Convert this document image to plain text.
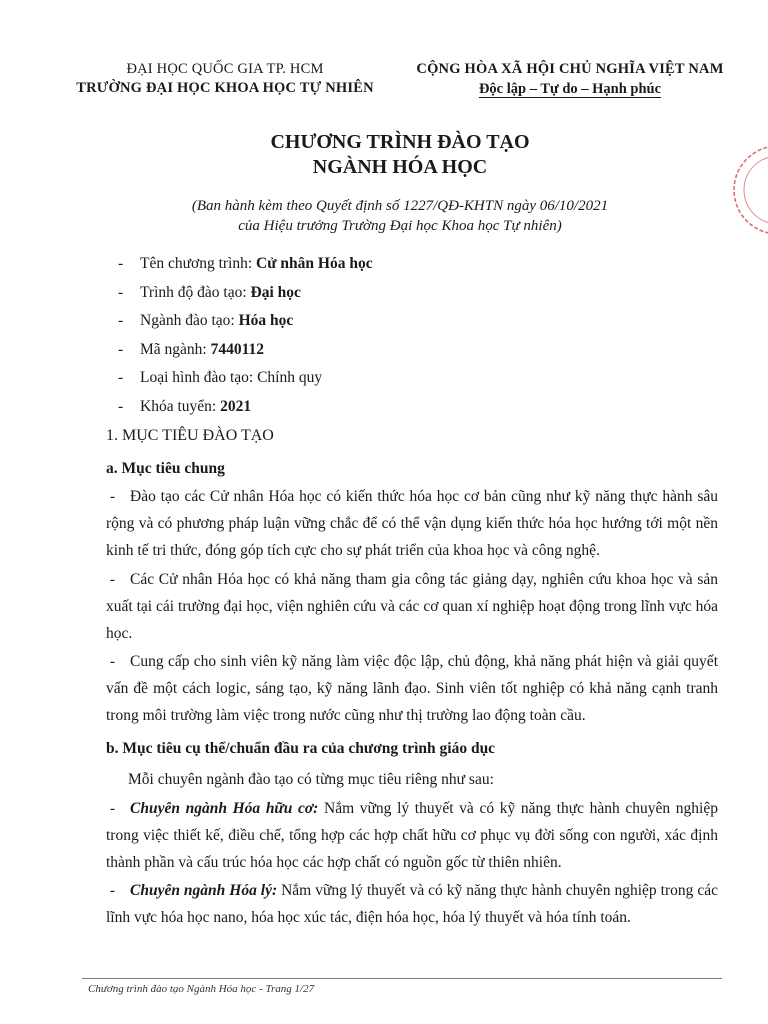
ĐẠI HỌC QUỐC GIA TP. HCM
TRƯỜNG ĐẠI HỌC KHOA HỌC TỰ NHIÊN
CỘNG HÒA XÃ HỘI CHỦ NGHĨA VIỆT NAM
Độc lập – Tự do – Hạnh phúc
CHƯƠNG TRÌNH ĐÀO TẠO
NGÀNH HÓA HỌC
(Ban hành kèm theo Quyết định số 1227/QĐ-KHTN ngày 06/10/2021
của Hiệu trưởng Trường Đại học Khoa học Tự nhiên)
- Tên chương trình: Cử nhân Hóa học
- Trình độ đào tạo: Đại học
- Ngành đào tạo: Hóa học
- Mã ngành: 7440112
- Loại hình đào tạo: Chính quy
- Khóa tuyển: 2021
1. MỤC TIÊU ĐÀO TẠO
a. Mục tiêu chung

- Đào tạo các Cử nhân Hóa học có kiến thức hóa học cơ bản cũng như kỹ năng thực hành sâu rộng và có phương pháp luận vững chắc để có thể vận dụng kiến thức hóa học hướng tới một nền kinh tế tri thức, đóng góp tích cực cho sự phát triển của khoa học và công nghệ.

- Các Cử nhân Hóa học có khả năng tham gia công tác giảng dạy, nghiên cứu khoa học và sản xuất tại cái trường đại học, viện nghiên cứu và các cơ quan xí nghiệp hoạt động trong lĩnh vực hóa học.

- Cung cấp cho sinh viên kỹ năng làm việc độc lập, chủ động, khả năng phát hiện và giải quyết vấn đề một cách logic, sáng tạo, kỹ năng lãnh đạo. Sinh viên tốt nghiệp có khả năng cạnh tranh trong môi trường làm việc trong nước cũng như thị trường lao động toàn cầu.

b. Mục tiêu cụ thể/chuẩn đầu ra của chương trình giáo dục
Mỗi chuyên ngành đào tạo có từng mục tiêu riêng như sau:

- Chuyên ngành Hóa hữu cơ: Nắm vững lý thuyết và có kỹ năng thực hành chuyên nghiệp trong việc thiết kế, điều chế, tổng hợp các hợp chất hữu cơ phục vụ đời sống con người, xác định thành phần và cấu trúc hóa học các hợp chất có nguồn gốc từ thiên nhiên.

- Chuyên ngành Hóa lý: Nắm vững lý thuyết và có kỹ năng thực hành chuyên nghiệp trong các lĩnh vực hóa học nano, hóa học xúc tác, điện hóa học, hóa lý thuyết và hóa tính toán.

Chương trình đào tạo Ngành Hóa học - Trang 1/27
